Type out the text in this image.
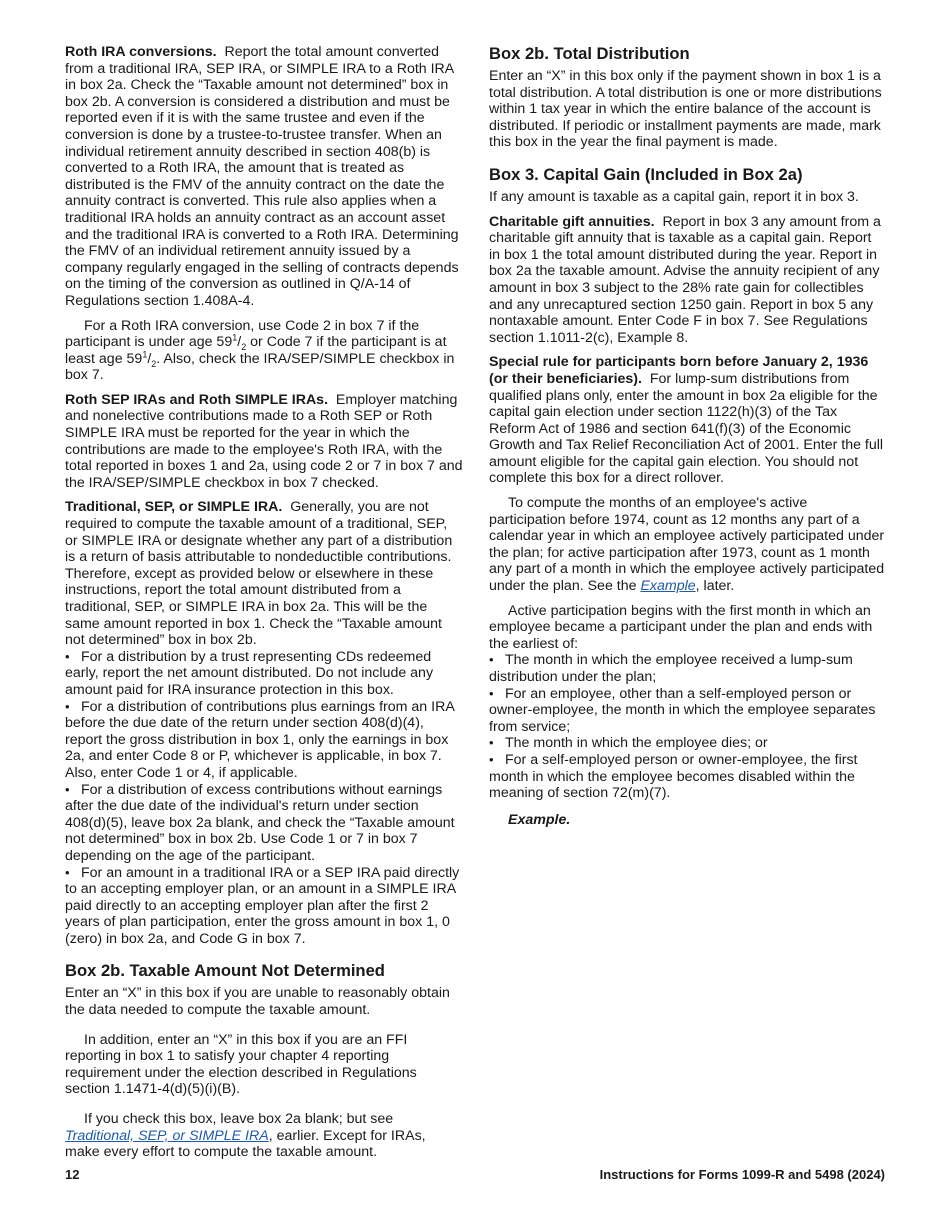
Roth IRA conversions. Report the total amount converted from a traditional IRA, SEP IRA, or SIMPLE IRA to a Roth IRA in box 2a. Check the “Taxable amount not determined” box in box 2b. A conversion is considered a distribution and must be reported even if it is with the same trustee and even if the conversion is done by a trustee-to-trustee transfer. When an individual retirement annuity described in section 408(b) is converted to a Roth IRA, the amount that is treated as distributed is the FMV of the annuity contract on the date the annuity contract is converted. This rule also applies when a traditional IRA holds an annuity contract as an account asset and the traditional IRA is converted to a Roth IRA. Determining the FMV of an individual retirement annuity issued by a company regularly engaged in the selling of contracts depends on the timing of the conversion as outlined in Q/A-14 of Regulations section 1.408A-4.

For a Roth IRA conversion, use Code 2 in box 7 if the participant is under age $59^1/_2$ or Code 7 if the participant is at least age $59^1/_2$. Also, check the IRA/SEP/SIMPLE checkbox in box 7.

Roth SEP IRAs and Roth SIMPLE IRAs. Employer matching and nonelective contributions made to a Roth SEP or Roth SIMPLE IRA must be reported for the year in which the contributions are made to the employee's Roth IRA, with the total reported in boxes 1 and 2a, using code 2 or 7 in box 7 and the IRA/SEP/SIMPLE checkbox in box 7 checked.

Traditional, SEP, or SIMPLE IRA. Generally, you are not required to compute the taxable amount of a traditional, SEP, or SIMPLE IRA or designate whether any part of a distribution is a return of basis attributable to nondeductible contributions. Therefore, except as provided below or elsewhere in these instructions, report the total amount distributed from a traditional, SEP, or SIMPLE IRA in box 2a. This will be the same amount reported in box 1. Check the “Taxable amount not determined” box in box 2b.

• For a distribution by a trust representing CDs redeemed early, report the net amount distributed. Do not include any amount paid for IRA insurance protection in this box.

• For a distribution of contributions plus earnings from an IRA before the due date of the return under section 408(d)(4), report the gross distribution in box 1, only the earnings in box 2a, and enter Code 8 or P, whichever is applicable, in box 7. Also, enter Code 1 or 4, if applicable.

• For a distribution of excess contributions without earnings after the due date of the individual's return under section 408(d)(5), leave box 2a blank, and check the “Taxable amount not determined” box in box 2b. Use Code 1 or 7 in box 7 depending on the age of the participant.

• For an amount in a traditional IRA or a SEP IRA paid directly to an accepting employer plan, or an amount in a SIMPLE IRA paid directly to an accepting employer plan after the first 2 years of plan participation, enter the gross amount in box 1, 0 (zero) in box 2a, and Code G in box 7.

Box 2b. Taxable Amount Not Determined

Enter an “X” in this box if you are unable to reasonably obtain the data needed to compute the taxable amount.

In addition, enter an “X” in this box if you are an FFI reporting in box 1 to satisfy your chapter 4 reporting requirement under the election described in Regulations section 1.1471-4(d)(5)(i)(B).

If you check this box, leave box 2a blank; but see Traditional, SEP, or SIMPLE IRA, earlier. Except for IRAs, make every effort to compute the taxable amount.

Box 2b. Total Distribution

Enter an “X” in this box only if the payment shown in box 1 is a total distribution. A total distribution is one or more distributions within 1 tax year in which the entire balance of the account is distributed. If periodic or installment payments are made, mark this box in the year the final payment is made.

Box 3. Capital Gain (Included in Box 2a)

If any amount is taxable as a capital gain, report it in box 3.

Charitable gift annuities. Report in box 3 any amount from a charitable gift annuity that is taxable as a capital gain. Report in box 1 the total amount distributed during the year. Report in box 2a the taxable amount. Advise the annuity recipient of any amount in box 3 subject to the 28% rate gain for collectibles and any unrecaptured section 1250 gain. Report in box 5 any nontaxable amount. Enter Code F in box 7. See Regulations section 1.1011-2(c), Example 8.

Special rule for participants born before January 2, 1936 (or their beneficiaries). For lump-sum distributions from qualified plans only, enter the amount in box 2a eligible for the capital gain election under section 1122(h)(3) of the Tax Reform Act of 1986 and section 641(f)(3) of the Economic Growth and Tax Relief Reconciliation Act of 2001. Enter the full amount eligible for the capital gain election. You should not complete this box for a direct rollover.

To compute the months of an employee's active participation before 1974, count as 12 months any part of a calendar year in which an employee actively participated under the plan; for active participation after 1973, count as 1 month any part of a month in which the employee actively participated under the plan. See the Example, later.

Active participation begins with the first month in which an employee became a participant under the plan and ends with the earliest of:

• The month in which the employee received a lump-sum distribution under the plan;

• For an employee, other than a self-employed person or owner-employee, the month in which the employee separates from service;

• The month in which the employee dies; or

• For a self-employed person or owner-employee, the first month in which the employee becomes disabled within the meaning of section 72(m)(7).

Example.

12	Instructions for Forms 1099-R and 5498 (2024)
